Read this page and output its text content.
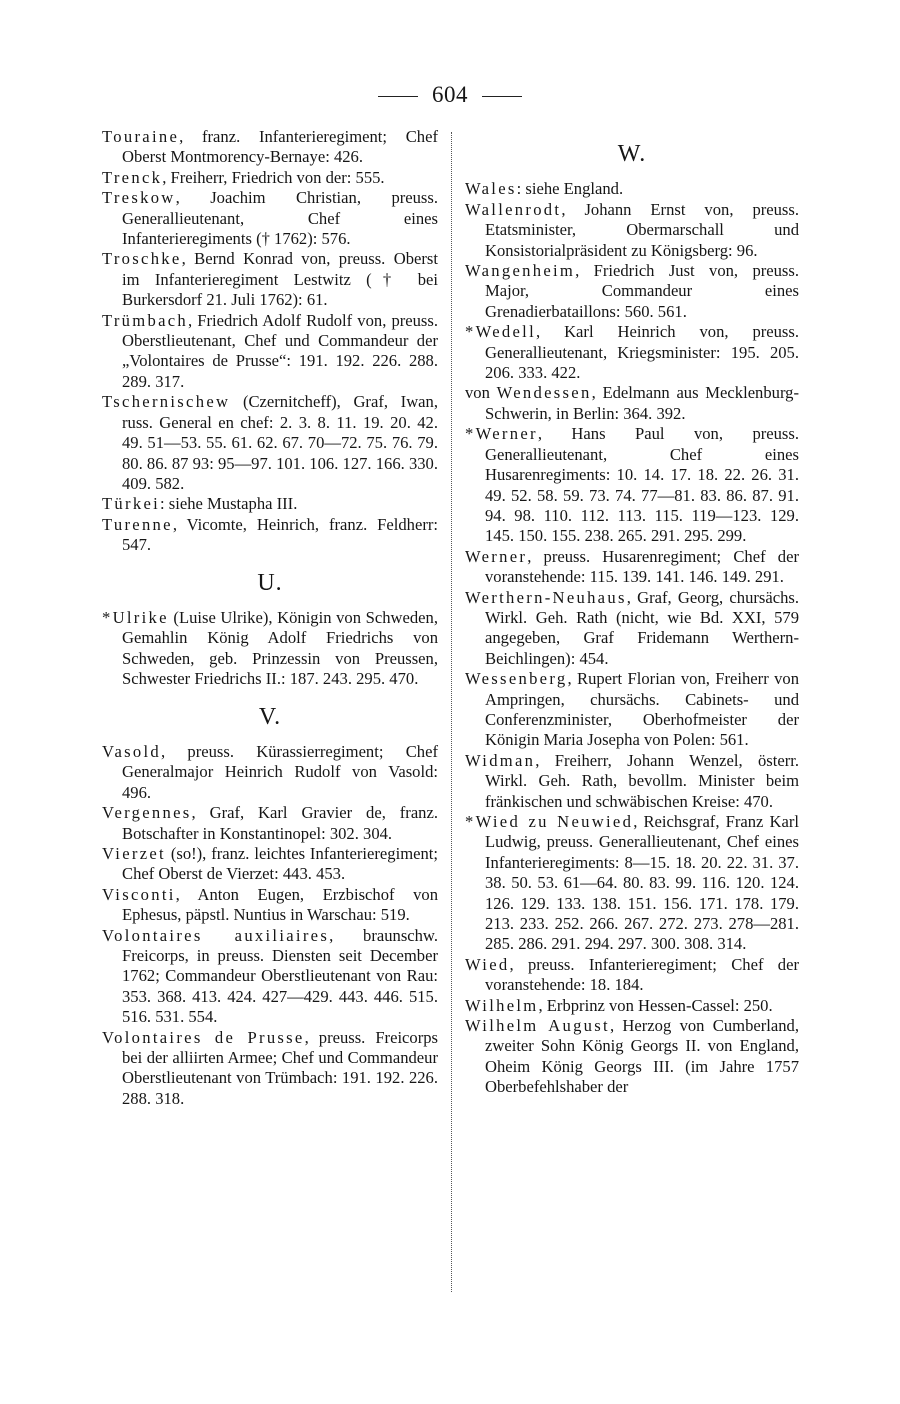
604

Touraine, franz. Infanterieregiment; Chef Oberst Montmorency-Bernaye: 426.

Trenck, Freiherr, Friedrich von der: 555.

Treskow, Joachim Christian, preuss. Generallieutenant, Chef eines Infanterieregiments († 1762): 576.

Troschke, Bernd Konrad von, preuss. Oberst im Infanterieregiment Lestwitz († bei Burkersdorf 21. Juli 1762): 61.

Trümbach, Friedrich Adolf Rudolf von, preuss. Oberstlieutenant, Chef und Commandeur der „Volontaires de Prusse“: 191. 192. 226. 288. 289. 317.

Tschernischew (Czernitcheff), Graf, Iwan, russ. General en chef: 2. 3. 8. 11. 19. 20. 42. 49. 51—53. 55. 61. 62. 67. 70—72. 75. 76. 79. 80. 86. 87 93: 95—97. 101. 106. 127. 166. 330. 409. 582.

Türkei: siehe Mustapha III.

Turenne, Vicomte, Heinrich, franz. Feldherr: 547.

U.

*Ulrike (Luise Ulrike), Königin von Schweden, Gemahlin König Adolf Friedrichs von Schweden, geb. Prinzessin von Preussen, Schwester Friedrichs II.: 187. 243. 295. 470.

V.

Vasold, preuss. Kürassierregiment; Chef Generalmajor Heinrich Rudolf von Vasold: 496.

Vergennes, Graf, Karl Gravier de, franz. Botschafter in Konstantinopel: 302. 304.

Vierzet (so!), franz. leichtes Infanterieregiment; Chef Oberst de Vierzet: 443. 453.

Visconti, Anton Eugen, Erzbischof von Ephesus, päpstl. Nuntius in Warschau: 519.

Volontaires auxiliaires, braunschw. Freicorps, in preuss. Diensten seit December 1762; Commandeur Oberstlieutenant von Rau: 353. 368. 413. 424. 427—429. 443. 446. 515. 516. 531. 554.

Volontaires de Prusse, preuss. Freicorps bei der alliirten Armee; Chef und Commandeur Oberstlieutenant von Trümbach: 191. 192. 226. 288. 318.

W.

Wales: siehe England.

Wallenrodt, Johann Ernst von, preuss. Etatsminister, Obermarschall und Konsistorialpräsident zu Königsberg: 96.

Wangenheim, Friedrich Just von, preuss. Major, Commandeur eines Grenadierbataillons: 560. 561.

*Wedell, Karl Heinrich von, preuss. Generallieutenant, Kriegsminister: 195. 205. 206. 333. 422.

von Wendessen, Edelmann aus Mecklenburg-Schwerin, in Berlin: 364. 392.

*Werner, Hans Paul von, preuss. Generallieutenant, Chef eines Husarenregiments: 10. 14. 17. 18. 22. 26. 31. 49. 52. 58. 59. 73. 74. 77—81. 83. 86. 87. 91. 94. 98. 110. 112. 113. 115. 119—123. 129. 145. 150. 155. 238. 265. 291. 295. 299.

Werner, preuss. Husarenregiment; Chef der voranstehende: 115. 139. 141. 146. 149. 291.

Werthern-Neuhaus, Graf, Georg, chursächs. Wirkl. Geh. Rath (nicht, wie Bd. XXI, 579 angegeben, Graf Fridemann Werthern-Beichlingen): 454.

Wessenberg, Rupert Florian von, Freiherr von Ampringen, chursächs. Cabinets- und Conferenzminister, Oberhofmeister der Königin Maria Josepha von Polen: 561.

Widman, Freiherr, Johann Wenzel, österr. Wirkl. Geh. Rath, bevollm. Minister beim fränkischen und schwäbischen Kreise: 470.

*Wied zu Neuwied, Reichsgraf, Franz Karl Ludwig, preuss. Generallieutenant, Chef eines Infanterieregiments: 8—15. 18. 20. 22. 31. 37. 38. 50. 53. 61—64. 80. 83. 99. 116. 120. 124. 126. 129. 133. 138. 151. 156. 171. 178. 179. 213. 233. 252. 266. 267. 272. 273. 278—281. 285. 286. 291. 294. 297. 300. 308. 314.

Wied, preuss. Infanterieregiment; Chef der voranstehende: 18. 184.

Wilhelm, Erbprinz von Hessen-Cassel: 250.

Wilhelm August, Herzog von Cumberland, zweiter Sohn König Georgs II. von England, Oheim König Georgs III. (im Jahre 1757 Oberbefehlshaber der
